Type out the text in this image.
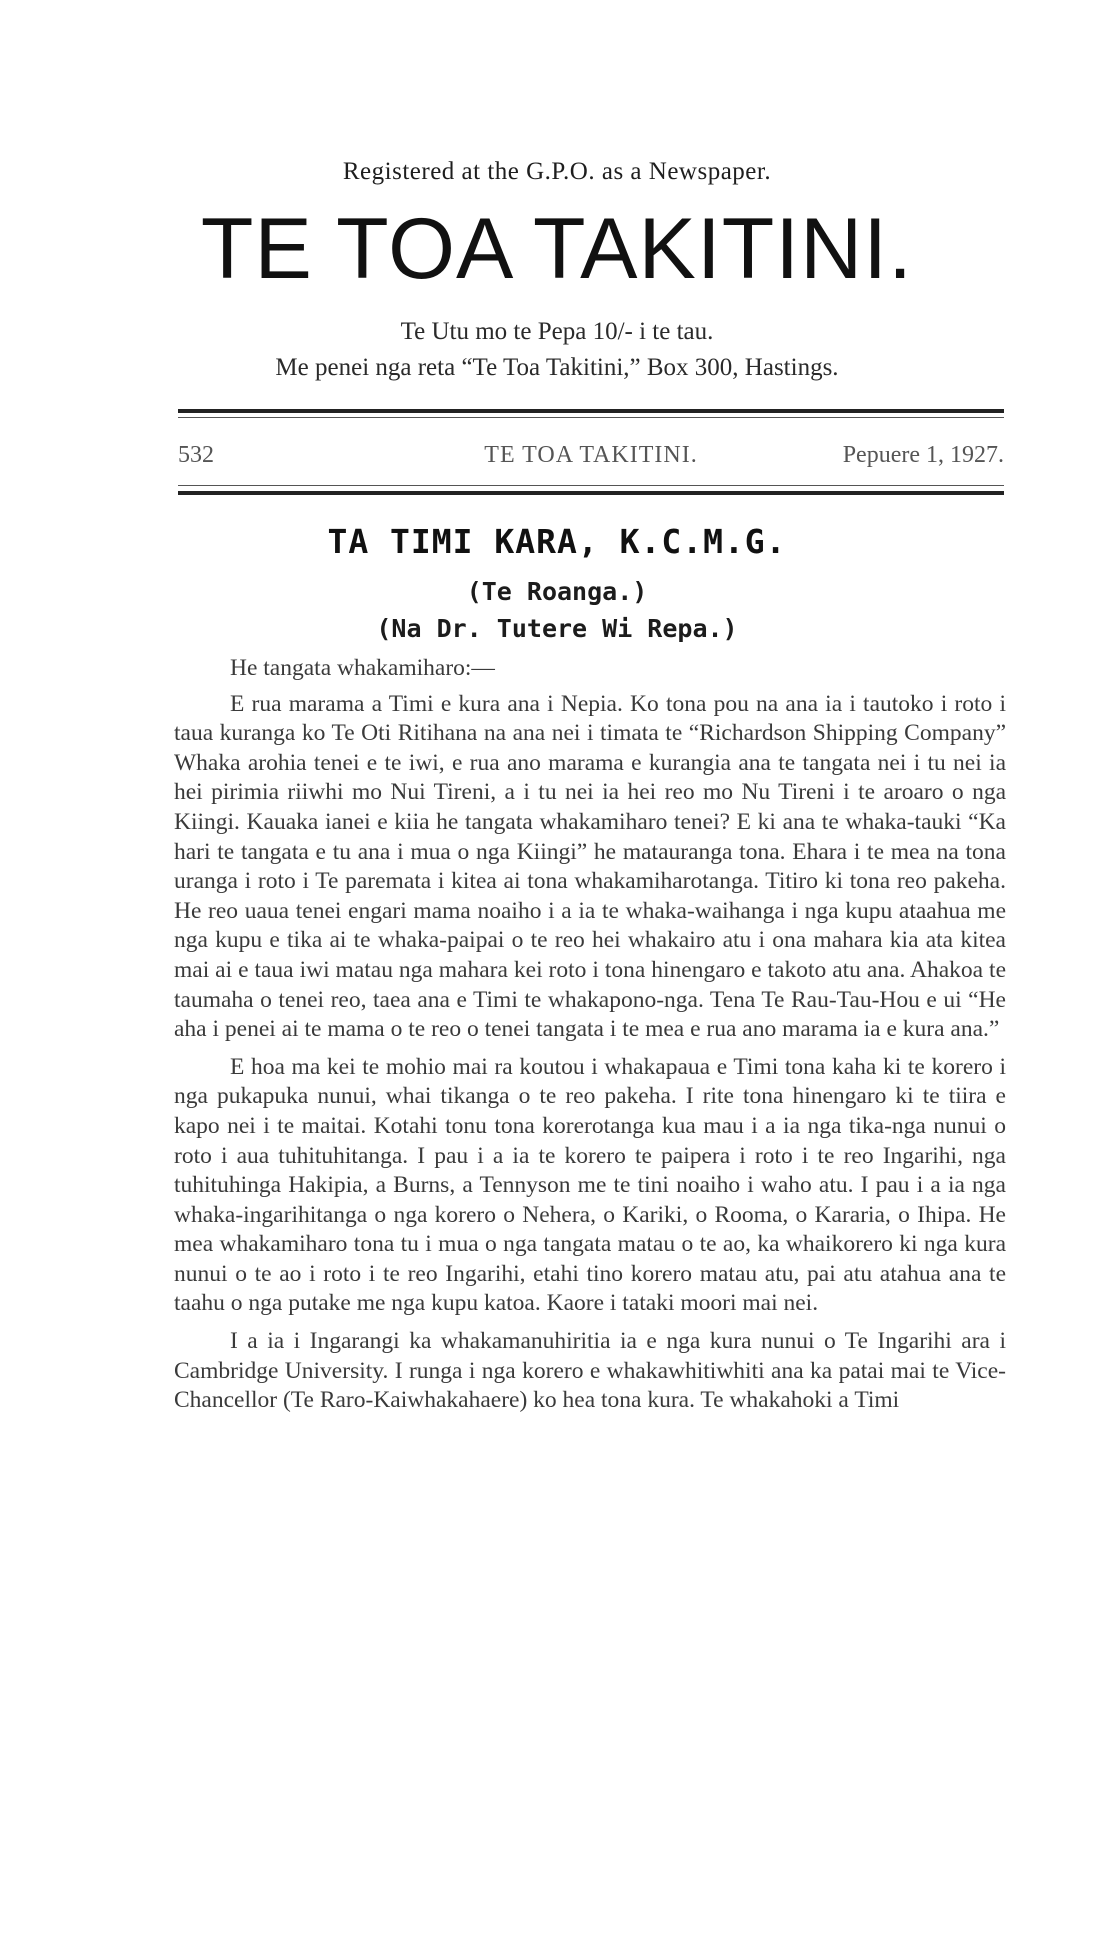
Registered at the G.P.O. as a Newspaper.
TE TOA TAKITINI.
Te Utu mo te Pepa 10/- i te tau.
Me penei nga reta “Te Toa Takitini,” Box 300, Hastings.
532	TE TOA TAKITINI.	Pepuere 1, 1927.
TA TIMI KARA, K.C.M.G.
(Te Roanga.)
(Na Dr. Tutere Wi Repa.)

He tangata whakamiharo:—

E rua marama a Timi e kura ana i Nepia. Ko tona pou na ana ia i tautoko i roto i taua kuranga ko Te Oti Ritihana na ana nei i timata te “Richardson Shipping Company” Whaka arohia tenei e te iwi, e rua ano marama e kurangia ana te tangata nei i tu nei ia hei pirimia riiwhi mo Nui Tireni, a i tu nei ia hei reo mo Nu Tireni i te aroaro o nga Kiingi. Kauaka ianei e kiia he tangata whakamiharo tenei? E ki ana te whaka-tauki “Ka hari te tangata e tu ana i mua o nga Kiingi” he matauranga tona. Ehara i te mea na tona uranga i roto i Te paremata i kitea ai tona whakamiharotanga. Titiro ki tona reo pakeha. He reo uaua tenei engari mama noaiho i a ia te whaka-waihanga i nga kupu ataahua me nga kupu e tika ai te whaka-paipai o te reo hei whakairo atu i ona mahara kia ata kitea mai ai e taua iwi matau nga mahara kei roto i tona hinengaro e takoto atu ana. Ahakoa te taumaha o tenei reo, taea ana e Timi te whakapono-nga. Tena Te Rau-Tau-Hou e ui “He aha i penei ai te mama o te reo o tenei tangata i te mea e rua ano marama ia e kura ana.”

E hoa ma kei te mohio mai ra koutou i whakapaua e Timi tona kaha ki te korero i nga pukapuka nunui, whai tikanga o te reo pakeha. I rite tona hinengaro ki te tiira e kapo nei i te maitai. Kotahi tonu tona korerotanga kua mau i a ia nga tika-nga nunui o roto i aua tuhituhitanga. I pau i a ia te korero te paipera i roto i te reo Ingarihi, nga tuhituhinga Hakipia, a Burns, a Tennyson me te tini noaiho i waho atu. I pau i a ia nga whaka-ingarihitanga o nga korero o Nehera, o Kariki, o Rooma, o Kararia, o Ihipa. He mea whakamiharo tona tu i mua o nga tangata matau o te ao, ka whaikorero ki nga kura nunui o te ao i roto i te reo Ingarihi, etahi tino korero matau atu, pai atu atahua ana te taahu o nga putake me nga kupu katoa. Kaore i tataki moori mai nei.

I a ia i Ingarangi ka whakamanuhiritia ia e nga kura nunui o Te Ingarihi ara i Cambridge University. I runga i nga korero e whakawhitiwhiti ana ka patai mai te Vice-Chancellor (Te Raro-Kaiwhakahaere) ko hea tona kura. Te whakahoki a Timi
